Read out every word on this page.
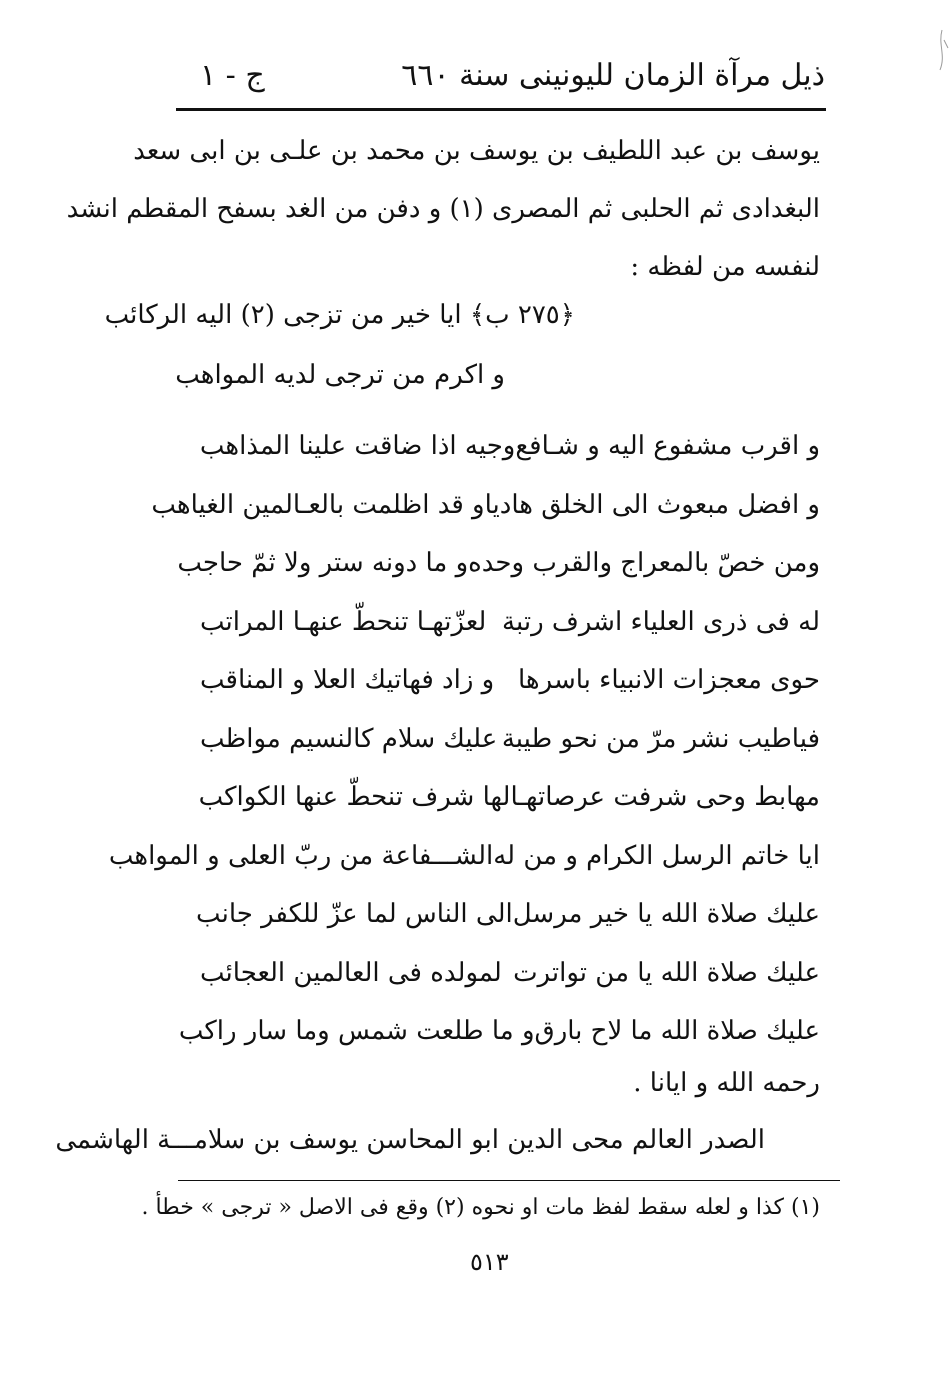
ذيل مرآة الزمان لليونينى سنة ٦٦٠
ج - ١
يوسف بن عبد اللطيف بن يوسف بن محمد بن علـى بن ابى سعد
البغدادى ثم الحلبى ثم المصرى (١) و دفن من الغد بسفح المقطم انشد
لنفسه من لفظه :
﴿٢٧٥ ب﴾ ايا خير من تزجى (٢) اليه الركائب
و اكرم من ترجى لديه المواهب
و اقرب مشفوع اليه و شـافع
وجيه اذا ضاقت علينا المذاهب
و افضل مبعوث الى الخلق هاديا
و قد اظلمت بالعـالمين الغياهب
ومن خصّ بالمعراج والقرب وحده
و ما دونه ستر ولا ثمّ حاجب
له فى ذرى العلياء اشرف رتبة
لعزّتهـا تنحطّ عنهـا المراتب
حوى معجزات الانبياء باسرها
و زاد فهاتيك العلا و المناقب
فياطيب نشر مرّ من نحو طيبة
عليك سلام كالنسيم مواظب
مهابط وحى شرفت عرصاتهـا
لها شرف تنحطّ عنها الكواكب
ايا خاتم الرسل الكرام و من له
الشـــفاعة من ربّ العلى و المواهب
عليك صلاة الله يا خير مرسل
الى الناس لما عزّ للكفر جانب
عليك صلاة الله يا من تواترت
لمولده فى العالمين العجائب
عليك صلاة الله ما لاح بارق
و ما طلعت شمس وما سار راكب
رحمه الله و ايانا .
الصدر العالم محى الدين ابو المحاسن يوسف بن سلامـــة الهاشمى
(١) كذا و لعله سقط لفظ مات او نحوه (٢) وقع فى الاصل « ترجى » خطأ .
٥١٣
